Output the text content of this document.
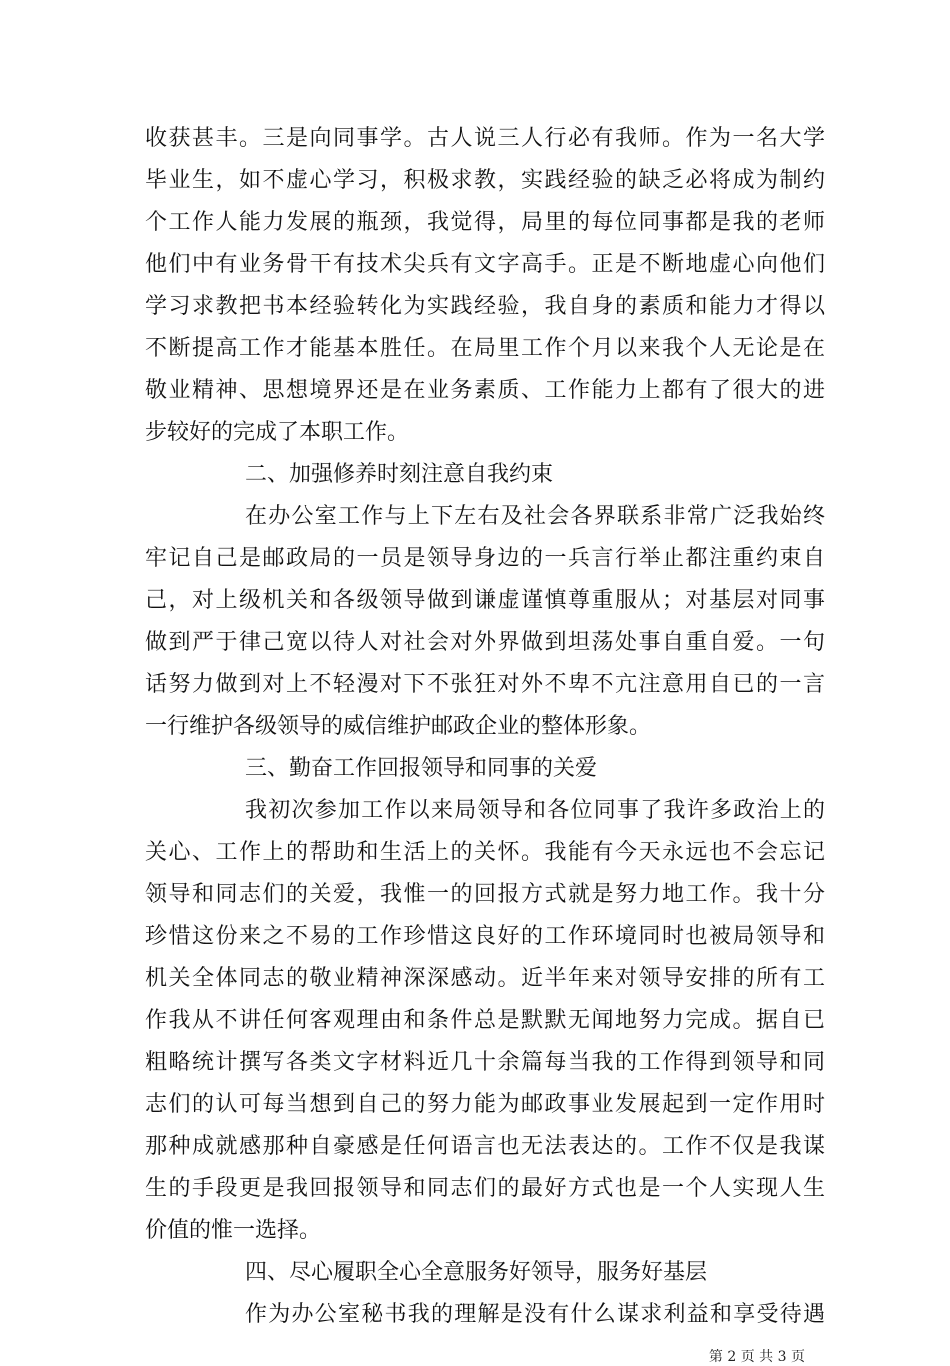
收获甚丰。三是向同事学。古人说三人行必有我师。作为一名大学
毕业生，如不虚心学习，积极求教，实践经验的缺乏必将成为制约
个工作人能力发展的瓶颈，我觉得，局里的每位同事都是我的老师
他们中有业务骨干有技术尖兵有文字高手。正是不断地虚心向他们
学习求教把书本经验转化为实践经验，我自身的素质和能力才得以
不断提高工作才能基本胜任。在局里工作个月以来我个人无论是在
敬业精神、思想境界还是在业务素质、工作能力上都有了很大的进
步较好的完成了本职工作。
二、加强修养时刻注意自我约束
在办公室工作与上下左右及社会各界联系非常广泛我始终
牢记自己是邮政局的一员是领导身边的一兵言行举止都注重约束自
己，对上级机关和各级领导做到谦虚谨慎尊重服从；对基层对同事
做到严于律己宽以待人对社会对外界做到坦荡处事自重自爱。一句
话努力做到对上不轻漫对下不张狂对外不卑不亢注意用自已的一言
一行维护各级领导的威信维护邮政企业的整体形象。
三、勤奋工作回报领导和同事的关爱
我初次参加工作以来局领导和各位同事了我许多政治上的
关心、工作上的帮助和生活上的关怀。我能有今天永远也不会忘记
领导和同志们的关爱，我惟一的回报方式就是努力地工作。我十分
珍惜这份来之不易的工作珍惜这良好的工作环境同时也被局领导和
机关全体同志的敬业精神深深感动。近半年来对领导安排的所有工
作我从不讲任何客观理由和条件总是默默无闻地努力完成。据自已
粗略统计撰写各类文字材料近几十余篇每当我的工作得到领导和同
志们的认可每当想到自己的努力能为邮政事业发展起到一定作用时
那种成就感那种自豪感是任何语言也无法表达的。工作不仅是我谋
生的手段更是我回报领导和同志们的最好方式也是一个人实现人生
价值的惟一选择。
四、尽心履职全心全意服务好领导，服务好基层
作为办公室秘书我的理解是没有什么谋求利益和享受待遇
第 2 页 共 3 页
